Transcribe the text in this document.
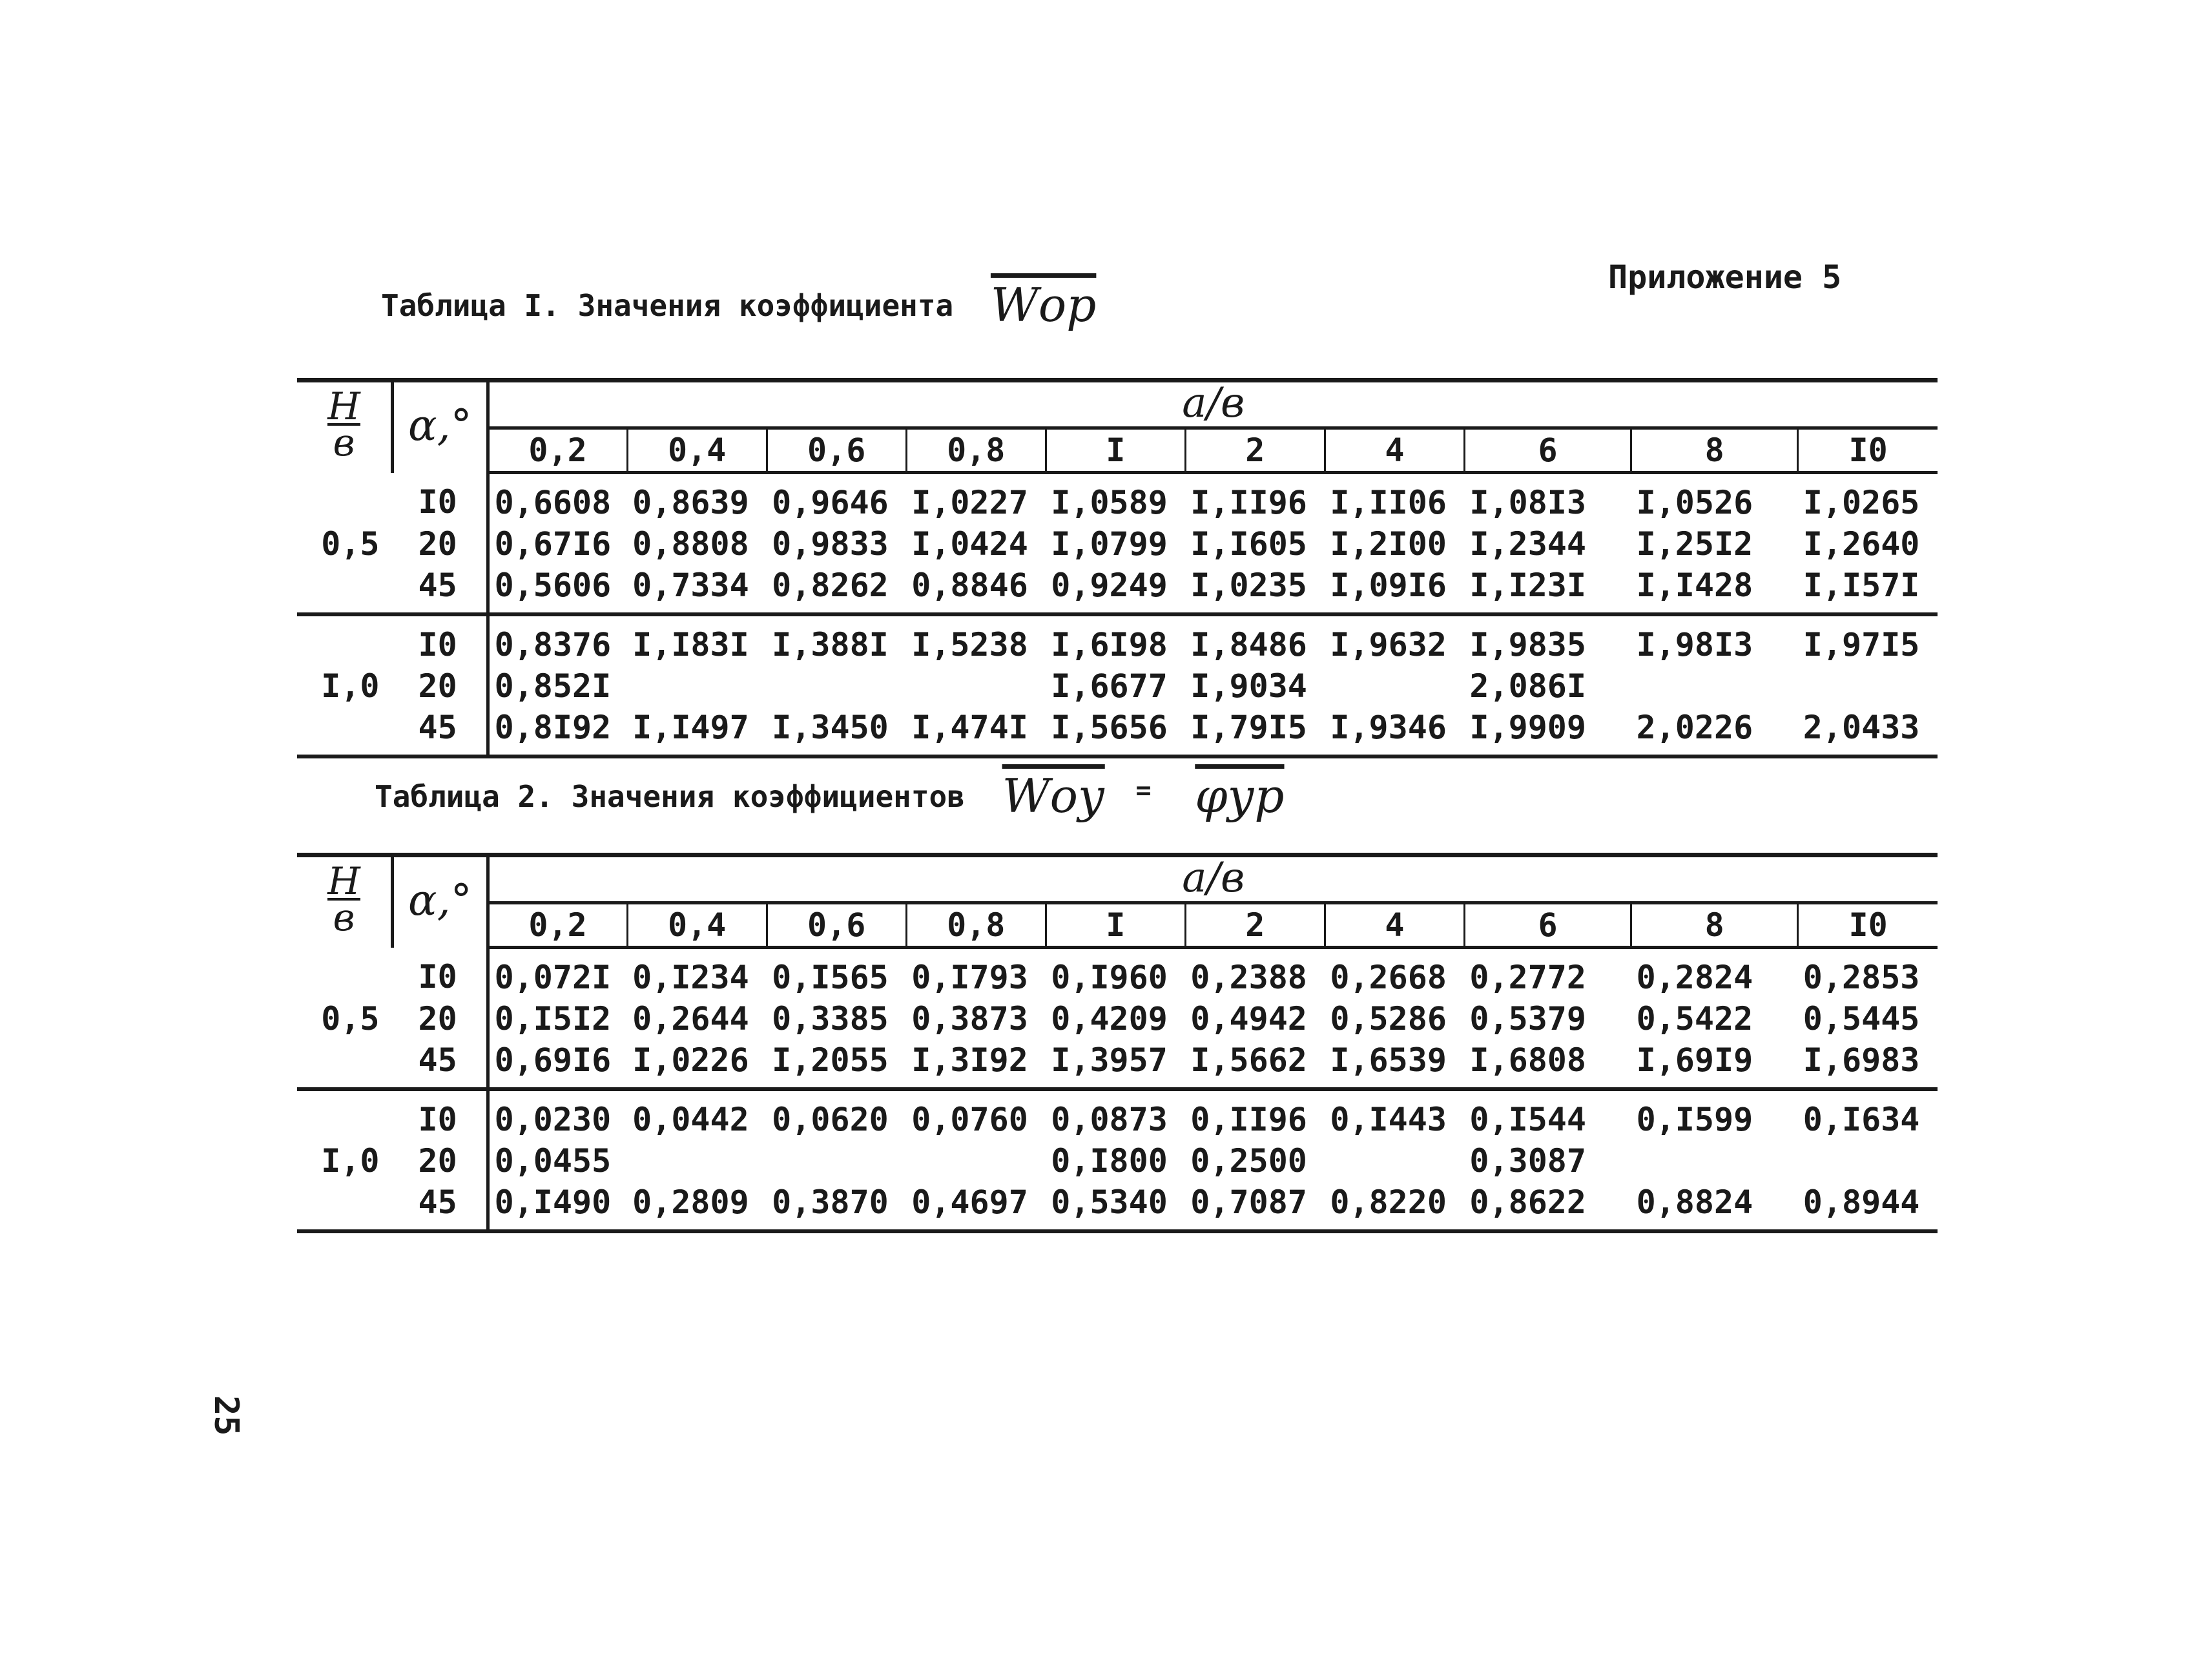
Приложение 5
Таблица I. Значения коэффициента Wор
$\frac{H}{в}$	α,°	а/в									
		0,2	0,4	0,6	0,8	I	2	4	6	8	I0
	I0	0,6608	0,8639	0,9646	I,0227	I,0589	I,II96	I,II06	I,08I3	I,0526	I,0265
0,5	20	0,67I6	0,8808	0,9833	I,0424	I,0799	I,I605	I,2I00	I,2344	I,25I2	I,2640
	45	0,5606	0,7334	0,8262	0,8846	0,9249	I,0235	I,09I6	I,I23I	I,I428	I,I57I
	I0	0,8376	I,I83I	I,388I	I,5238	I,6I98	I,8486	I,9632	I,9835	I,98I3	I,97I5
I,0	20	0,852I				I,6677	I,9034		2,086I		
	45	0,8I92	I,I497	I,3450	I,474I	I,5656	I,79I5	I,9346	I,9909	2,0226	2,0433
Таблица 2. Значения коэффициентов Wоу = φур
$\frac{H}{в}$	α,°	а/в									
		0,2	0,4	0,6	0,8	I	2	4	6	8	I0
	I0	0,072I	0,I234	0,I565	0,I793	0,I960	0,2388	0,2668	0,2772	0,2824	0,2853
0,5	20	0,I5I2	0,2644	0,3385	0,3873	0,4209	0,4942	0,5286	0,5379	0,5422	0,5445
	45	0,69I6	I,0226	I,2055	I,3I92	I,3957	I,5662	I,6539	I,6808	I,69I9	I,6983
	I0	0,0230	0,0442	0,0620	0,0760	0,0873	0,II96	0,I443	0,I544	0,I599	0,I634
I,0	20	0,0455				0,I800	0,2500		0,3087		
	45	0,I490	0,2809	0,3870	0,4697	0,5340	0,7087	0,8220	0,8622	0,8824	0,8944
25
